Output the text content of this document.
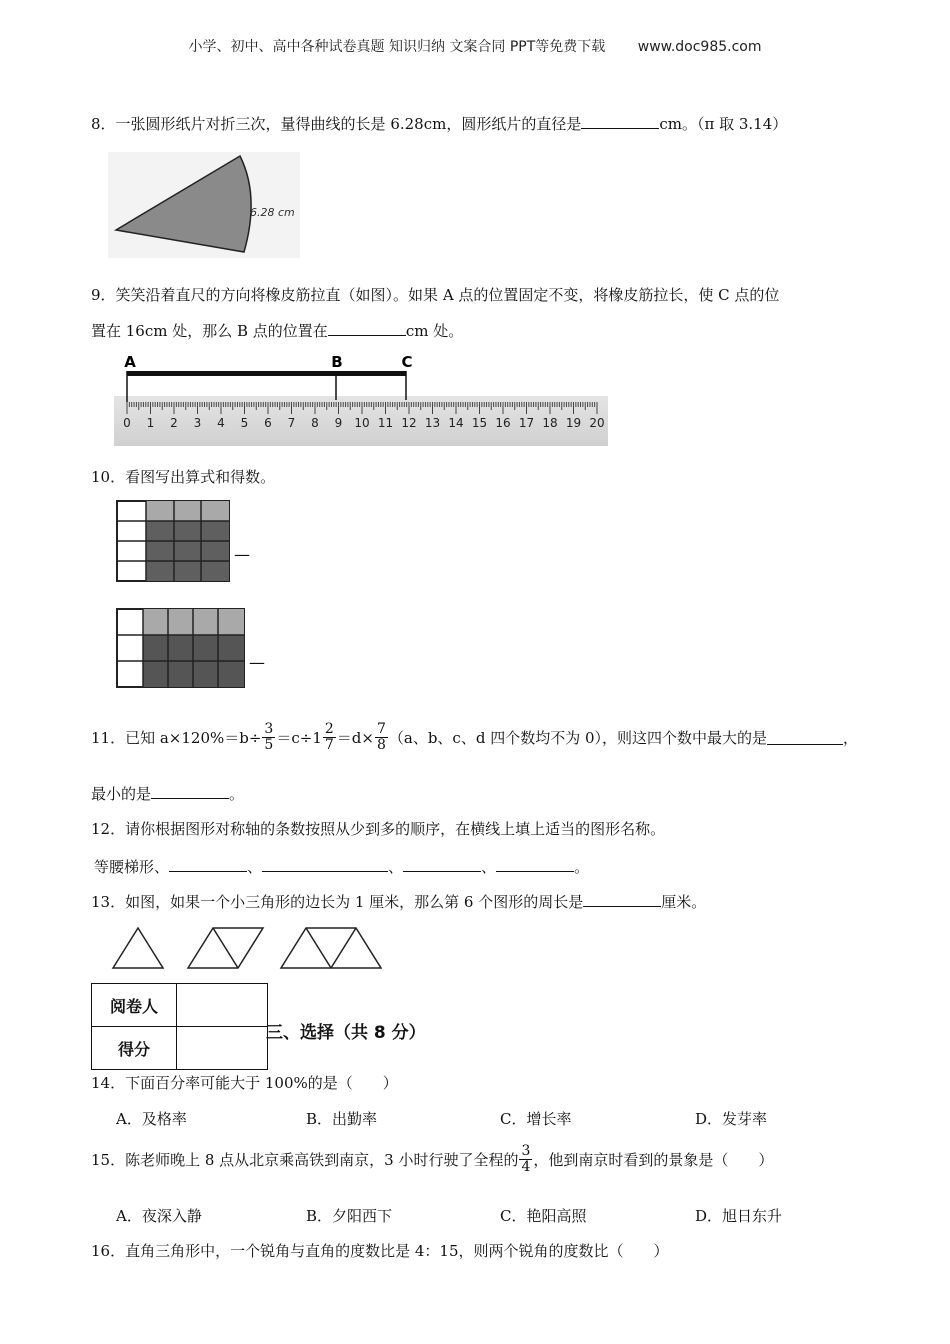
小学、初中、高中各种试卷真题 知识归纳 文案合同 PPT等免费下载 www.doc985.com
8．一张圆形纸片对折三次，量得曲线的长是 6.28cm，圆形纸片的直径是	cm。（π 取 3.14）
6.28 cm
9．笑笑沿着直尺的方向将橡皮筋拉直（如图）。如果 A 点的位置固定不变，将橡皮筋拉长，使 C 点的位
置在 16cm 处，那么 B 点的位置在	cm 处。
0 1 2 3 4 5 6 7 8 9 10 11 12 13 14 15 16 17 18 19 20
A	B	C
10．看图写出算式和得数。
—
—
11．已知 $a\times 120\%=b\div \frac{3}{5} =c\div 1 \frac{2}{7} =d\times \frac{7}{8} (a$、b、c、d 四个数均不为 0），则这四个数中最大的是	，
最小的是	。
12．请你根据图形对称轴的条数按照从少到多的顺序，在横线上填上适当的图形名称。
等腰梯形、	、	、	、	。
13．如图，如果一个小三角形的边长为 1 厘米，那么第 6 个图形的周长是	厘米。
阅卷人	
得分	
三、选择（共 8 分）
14．下面百分率可能大于 100%的是（　　）
A．及格率	B．出勤率	C．增长率	D．发芽率
15．陈老师晚上 8 点从北京乘高铁到南京，3 小时行驶了全程的 $\frac{3}{4}$ ，他到南京时看到的景象是（　　）
A．夜深入静	B．夕阳西下	C．艳阳高照	D．旭日东升
16．直角三角形中，一个锐角与直角的度数比是 4：15，则两个锐角的度数比（　　）
